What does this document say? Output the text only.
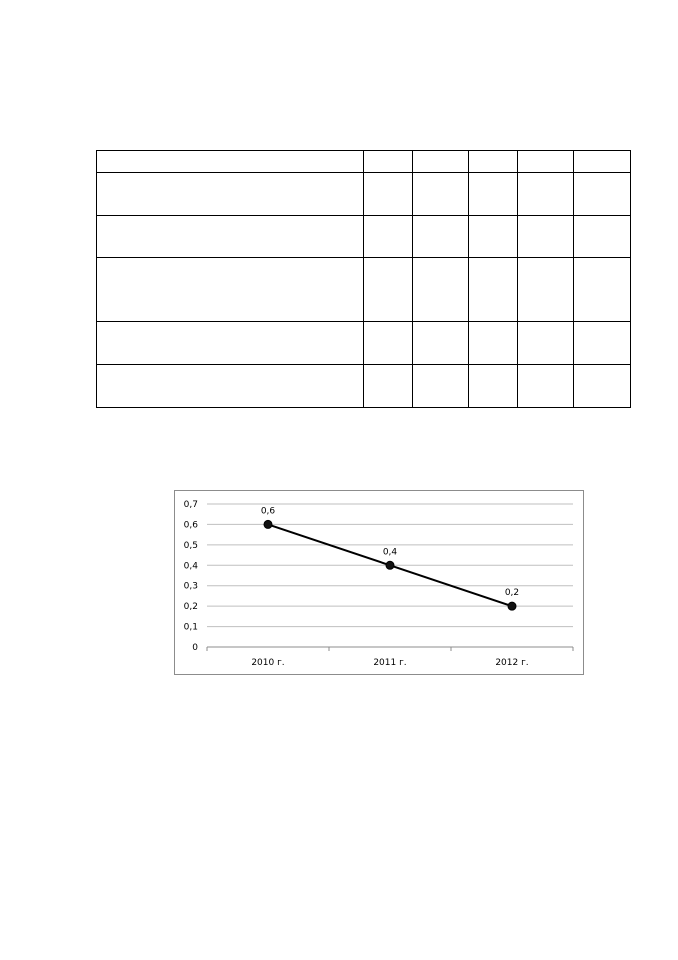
0
0,1
0,2
0,3
0,4
0,5
0,6
0,7
2010 г.	2011 г.	2012 г.
0,6
0,4
0,2
